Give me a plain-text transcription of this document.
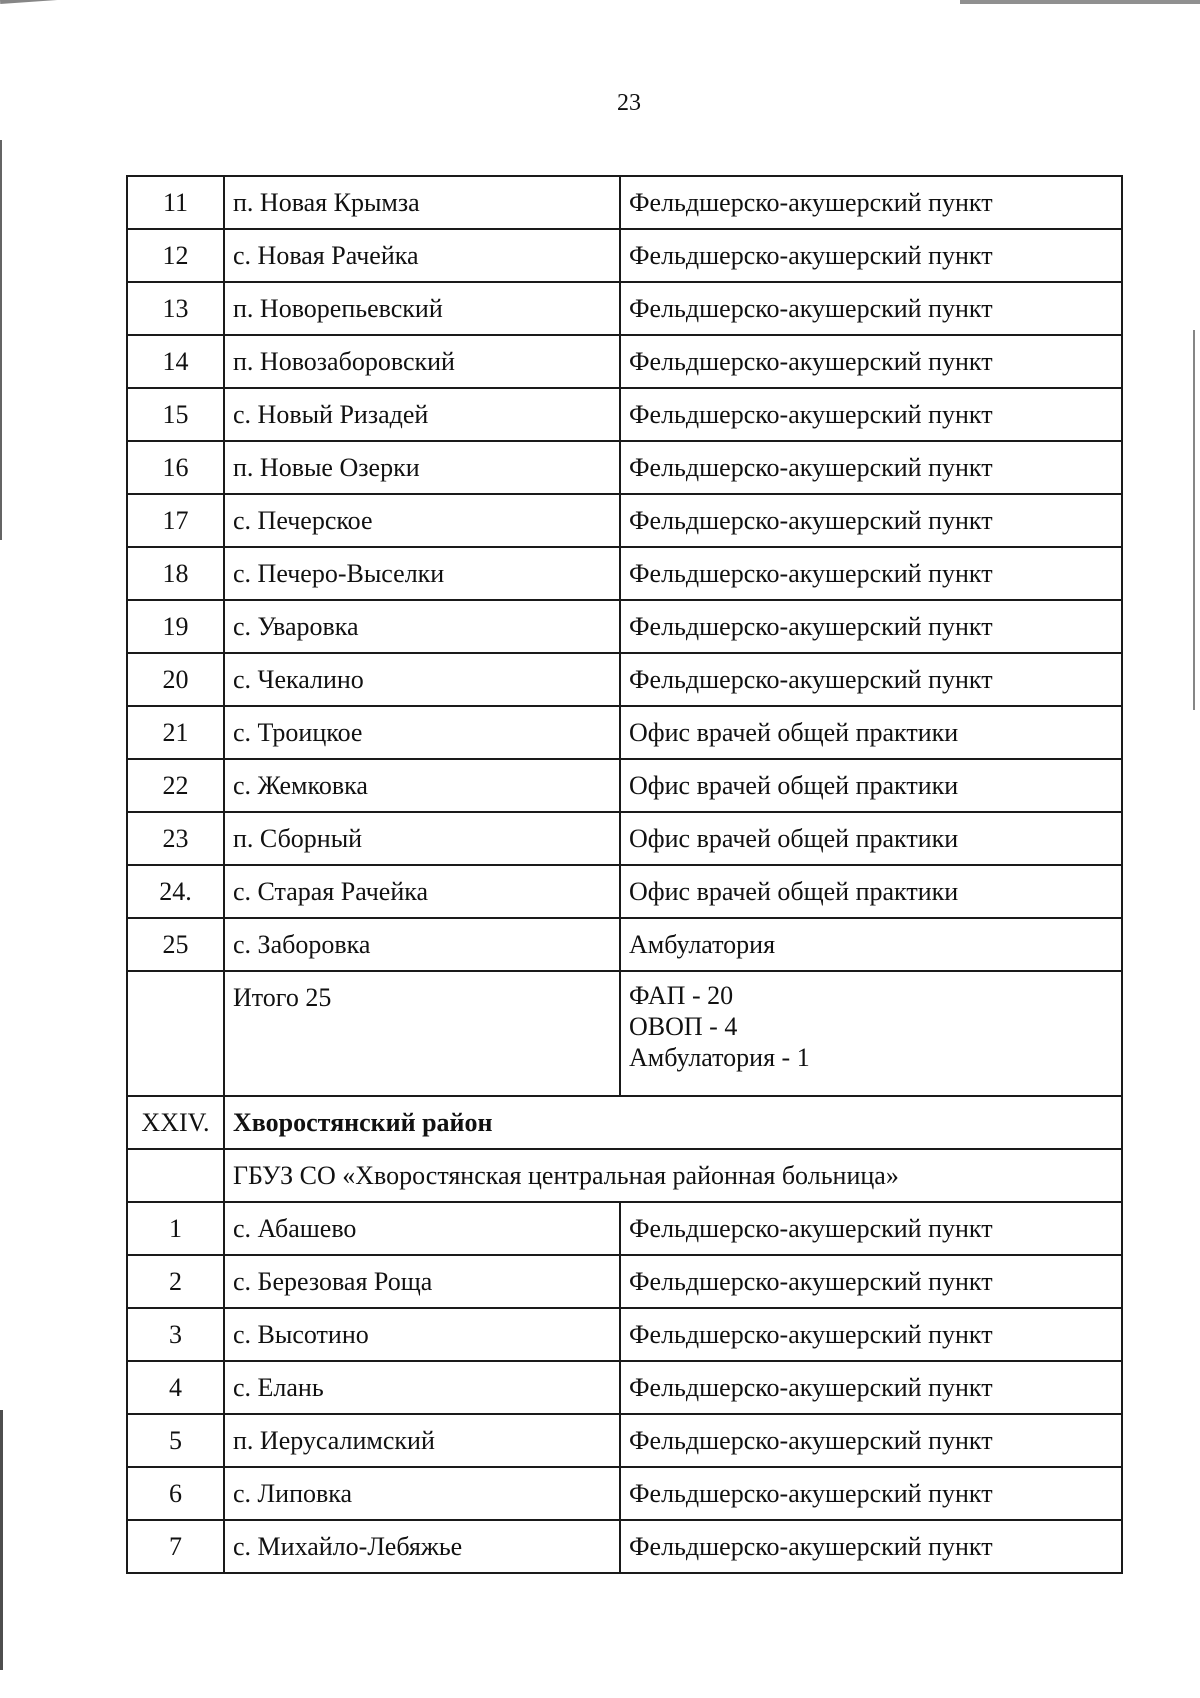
23
11	п. Новая Крымза	Фельдшерско-акушерский пункт
12	с. Новая Рачейка	Фельдшерско-акушерский пункт
13	п. Новорепьевский	Фельдшерско-акушерский пункт
14	п. Новозаборовский	Фельдшерско-акушерский пункт
15	с. Новый Ризадей	Фельдшерско-акушерский пункт
16	п. Новые Озерки	Фельдшерско-акушерский пункт
17	с. Печерское	Фельдшерско-акушерский пункт
18	с. Печеро-Выселки	Фельдшерско-акушерский пункт
19	с. Уваровка	Фельдшерско-акушерский пункт
20	с. Чекалино	Фельдшерско-акушерский пункт
21	с. Троицкое	Офис врачей общей практики
22	с. Жемковка	Офис врачей общей практики
23	п. Сборный	Офис врачей общей практики
24.	с. Старая Рачейка	Офис врачей общей практики
25	с. Заборовка	Амбулатория
	Итого 25	ФАП - 20
ОВОП - 4
Амбулатория - 1

XXIV.	Хворостянский район	
	ГБУЗ СО «Хворостянская центральная районная больница»	
1	с. Абашево	Фельдшерско-акушерский пункт
2	с. Березовая Роща	Фельдшерско-акушерский пункт
3	с. Высотино	Фельдшерско-акушерский пункт
4	с. Елань	Фельдшерско-акушерский пункт
5	п. Иерусалимский	Фельдшерско-акушерский пункт
6	с. Липовка	Фельдшерско-акушерский пункт
7	с. Михайло-Лебяжье	Фельдшерско-акушерский пункт
